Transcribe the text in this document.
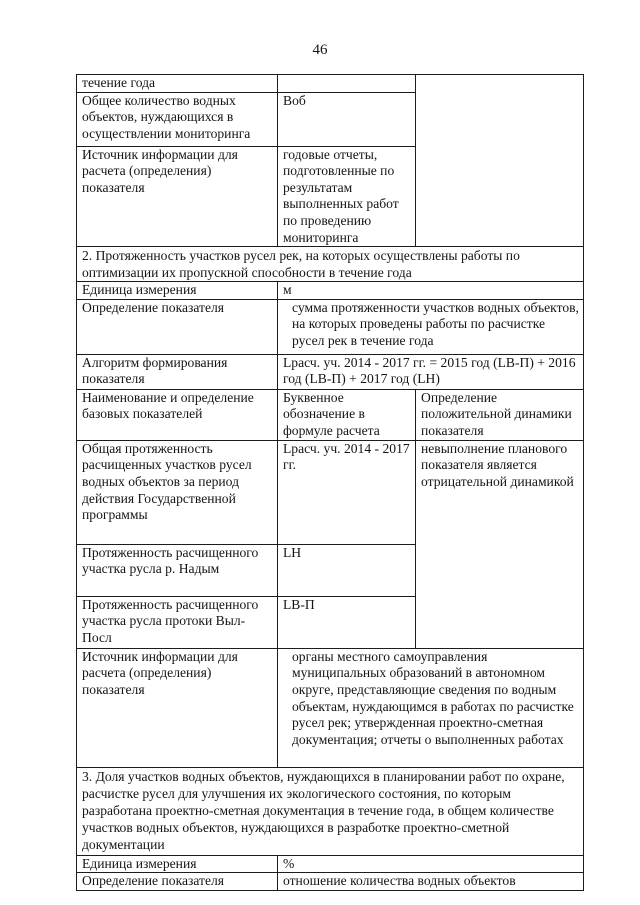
46
течение года		
Общее количество водных объектов, нуждающихся в осуществлении мониторинга	Воб	
Источник информации для расчета (определения) показателя	годовые отчеты, подготовленные по результатам выполненных работ по проведению мониторинга	
2. Протяженность участков русел рек, на которых осуществлены работы по оптимизации их пропускной способности в течение года		
Единица измерения	м	
Определение показателя	сумма протяженности участков водных объектов, на которых проведены работы по расчистке русел рек в течение года	
Алгоритм формирования показателя	Lрасч. уч. 2014 - 2017 гг. = 2015 год (LВ-П) + 2016 год (LВ-П) + 2017 год (LН)	
Наименование и определение базовых показателей	Буквенное обозначение в формуле расчета	Определение положительной динамики показателя
Общая протяженность расчищенных участков русел водных объектов за период действия Государственной программы	Lрасч. уч. 2014 - 2017 гг.	невыполнение планового показателя является отрицательной динамикой
Протяженность расчищенного участка русла р. Надым	LН	
Протяженность расчищенного участка русла протоки Выл-Посл	LВ-П	
Источник информации для расчета (определения) показателя	органы местного самоуправления муниципальных образований в автономном округе, представляющие сведения по водным объектам, нуждающимся в работах по расчистке русел рек; утвержденная проектно-сметная документация; отчеты о выполненных работах	
3. Доля участков водных объектов, нуждающихся в планировании работ по охране, расчистке русел для улучшения их экологического состояния, по которым разработана проектно-сметная документация в течение года, в общем количестве участков водных объектов, нуждающихся в разработке проектно-сметной документации		
Единица измерения	%	
Определение показателя	отношение количества водных объектов	
